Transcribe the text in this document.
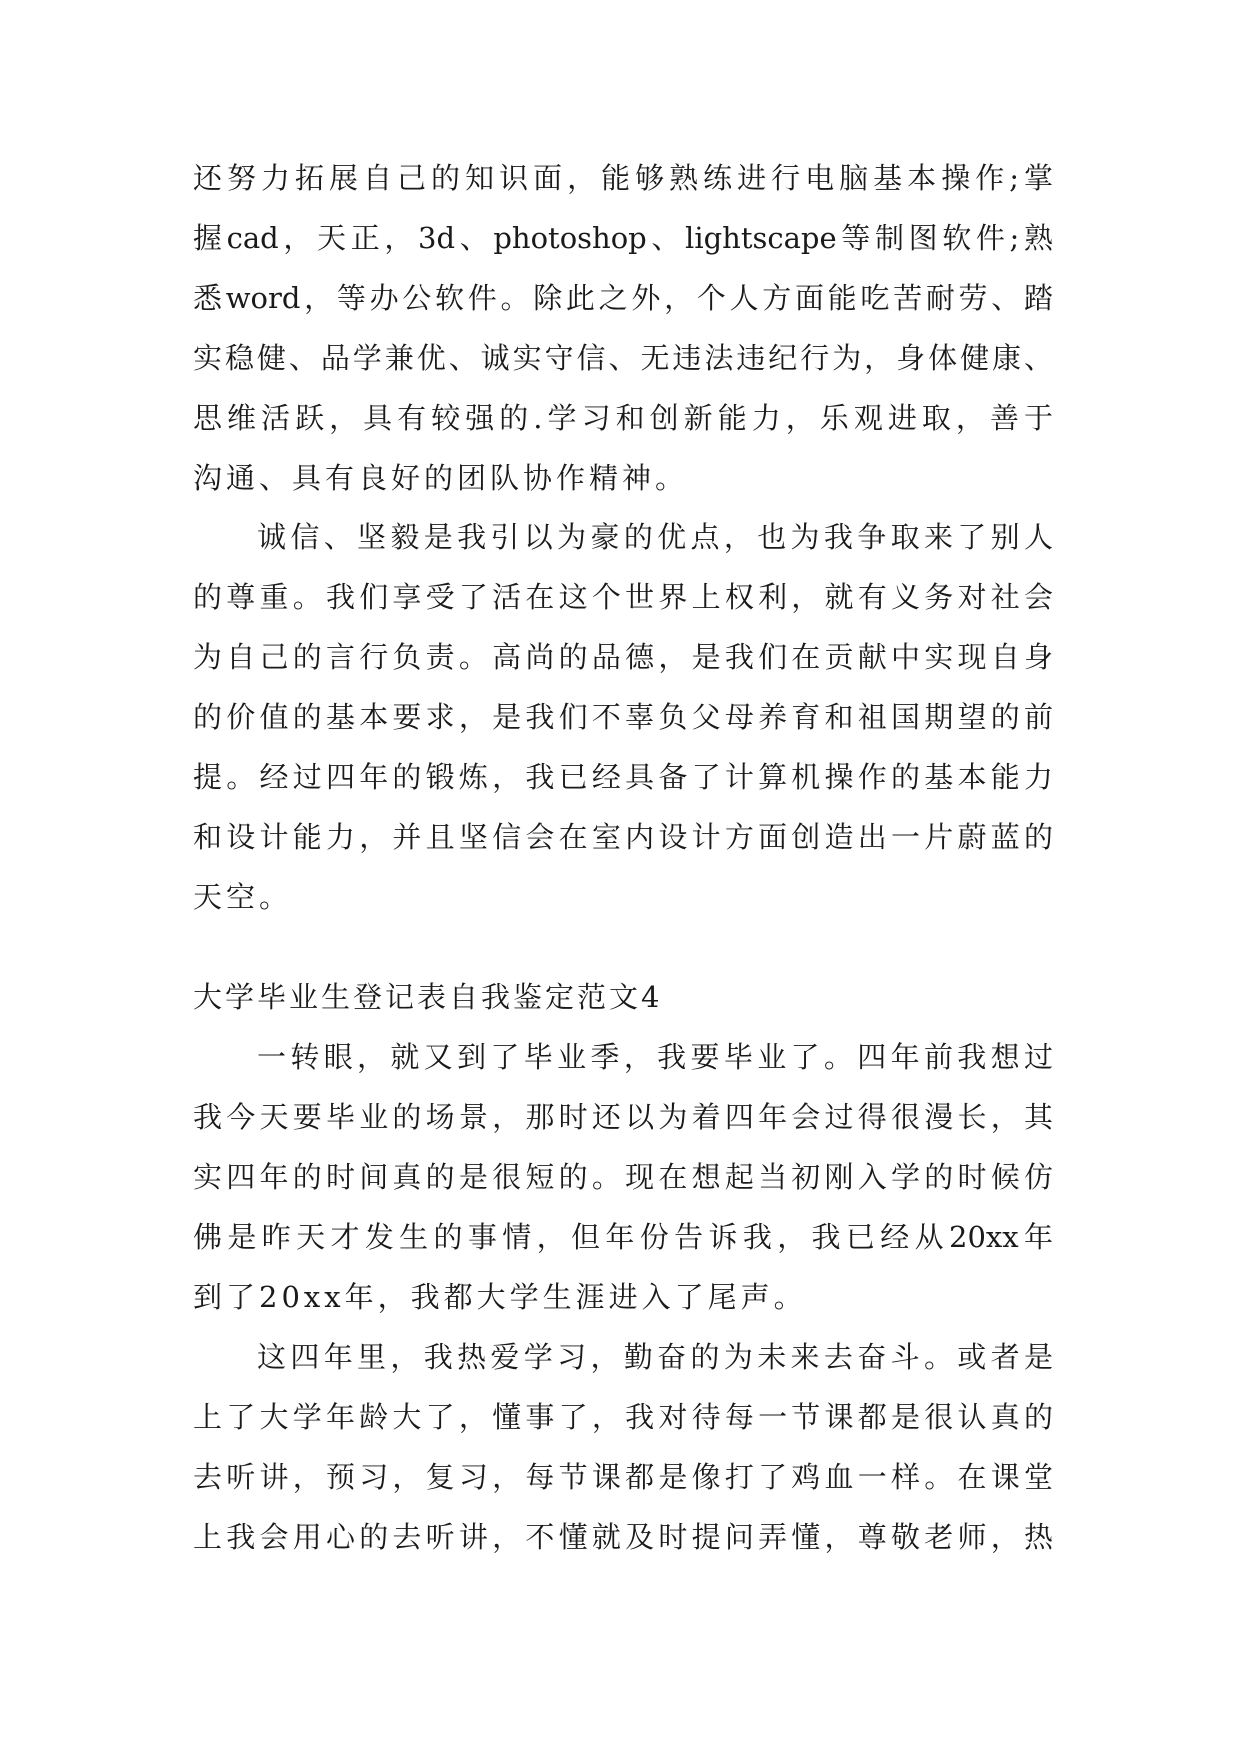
还努力拓展自己的知识面，能够熟练进行电脑基本操作;掌
握cad，天正，3d、photoshop、lightscape等制图软件;熟
悉word，等办公软件。除此之外，个人方面能吃苦耐劳、踏
实稳健、品学兼优、诚实守信、无违法违纪行为，身体健康、
思维活跃，具有较强的.学习和创新能力，乐观进取，善于
沟通、具有良好的团队协作精神。
诚信、坚毅是我引以为豪的优点，也为我争取来了别人
的尊重。我们享受了活在这个世界上权利，就有义务对社会
为自己的言行负责。高尚的品德，是我们在贡献中实现自身
的价值的基本要求，是我们不辜负父母养育和祖国期望的前
提。经过四年的锻炼，我已经具备了计算机操作的基本能力
和设计能力，并且坚信会在室内设计方面创造出一片蔚蓝的
天空。
大学毕业生登记表自我鉴定范文4
一转眼，就又到了毕业季，我要毕业了。四年前我想过
我今天要毕业的场景，那时还以为着四年会过得很漫长，其
实四年的时间真的是很短的。现在想起当初刚入学的时候仿
佛是昨天才发生的事情，但年份告诉我，我已经从20xx年
到了20xx年，我都大学生涯进入了尾声。
这四年里，我热爱学习，勤奋的为未来去奋斗。或者是
上了大学年龄大了，懂事了，我对待每一节课都是很认真的
去听讲，预习，复习，每节课都是像打了鸡血一样。在课堂
上我会用心的去听讲，不懂就及时提问弄懂，尊敬老师，热
